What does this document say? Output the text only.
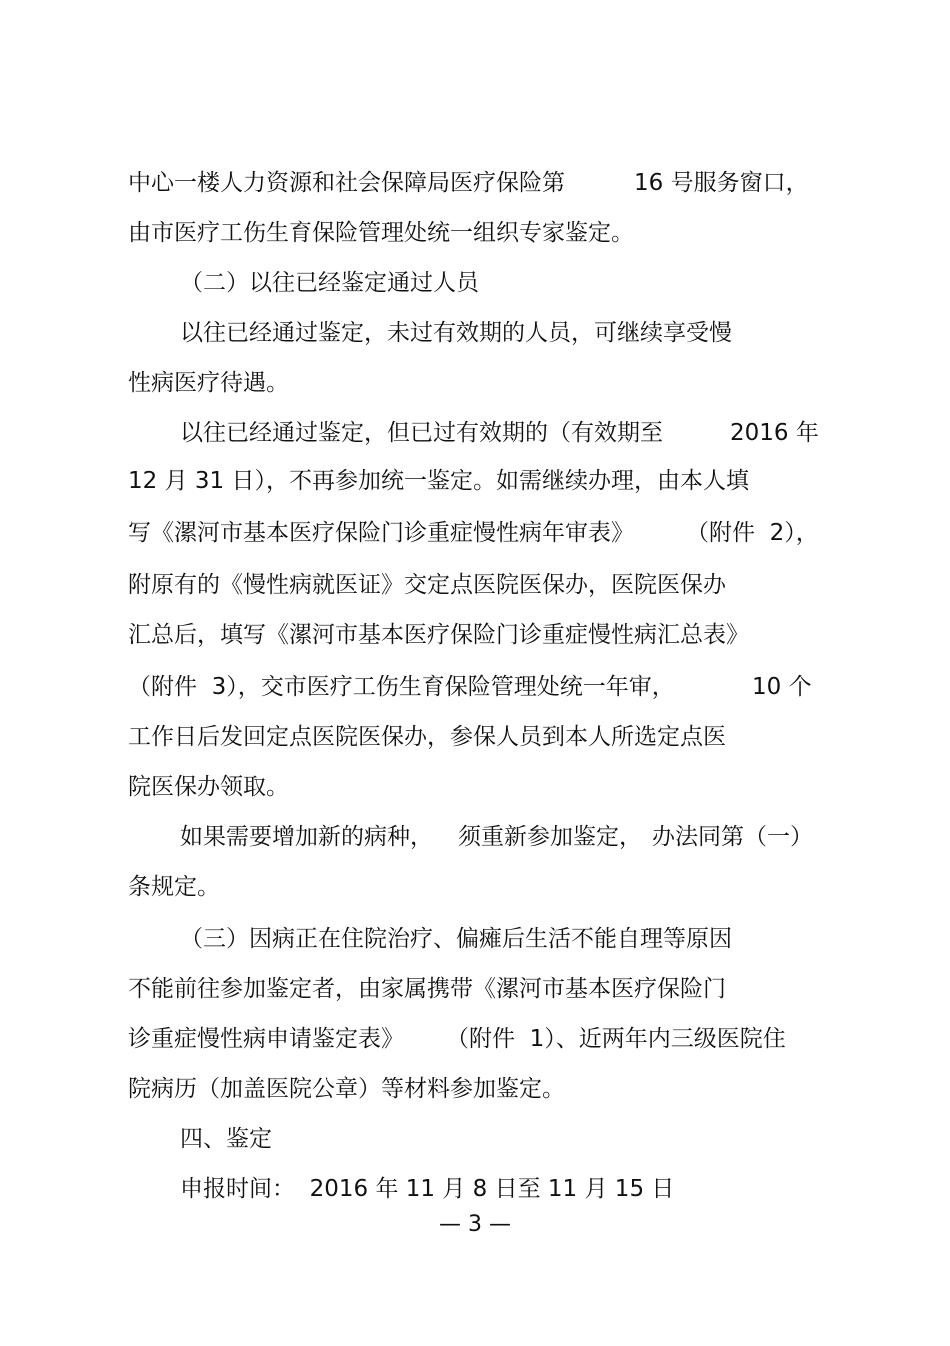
中心一楼人力资源和社会保障局医疗保险第	16 号服务窗口，

由市医疗工伤生育保险管理处统一组织专家鉴定。

（二）以往已经鉴定通过人员

以往已经通过鉴定，未过有效期的人员，可继续享受慢

性病医疗待遇。

以往已经通过鉴定，但已过有效期的（有效期至	2016 年

12 月 31 日），不再参加统一鉴定。如需继续办理，由本人填

写《漯河市基本医疗保险门诊重症慢性病年审表》 （附件  2），

附原有的《慢性病就医证》交定点医院医保办，医院医保办

汇总后，填写《漯河市基本医疗保险门诊重症慢性病汇总表》

（附件  3），交市医疗工伤生育保险管理处统一年审，	10 个

工作日后发回定点医院医保办，参保人员到本人所选定点医

院医保办领取。

如果需要增加新的病种， 须重新参加鉴定， 办法同第（一）

条规定。

（三）因病正在住院治疗、偏瘫后生活不能自理等原因

不能前往参加鉴定者，由家属携带《漯河市基本医疗保险门

诊重症慢性病申请鉴定表》 （附件  1）、近两年内三级医院住

院病历（加盖医院公章）等材料参加鉴定。

四、鉴定

申报时间：  2016 年 11 月 8 日至 11 月 15 日

— 3 —
